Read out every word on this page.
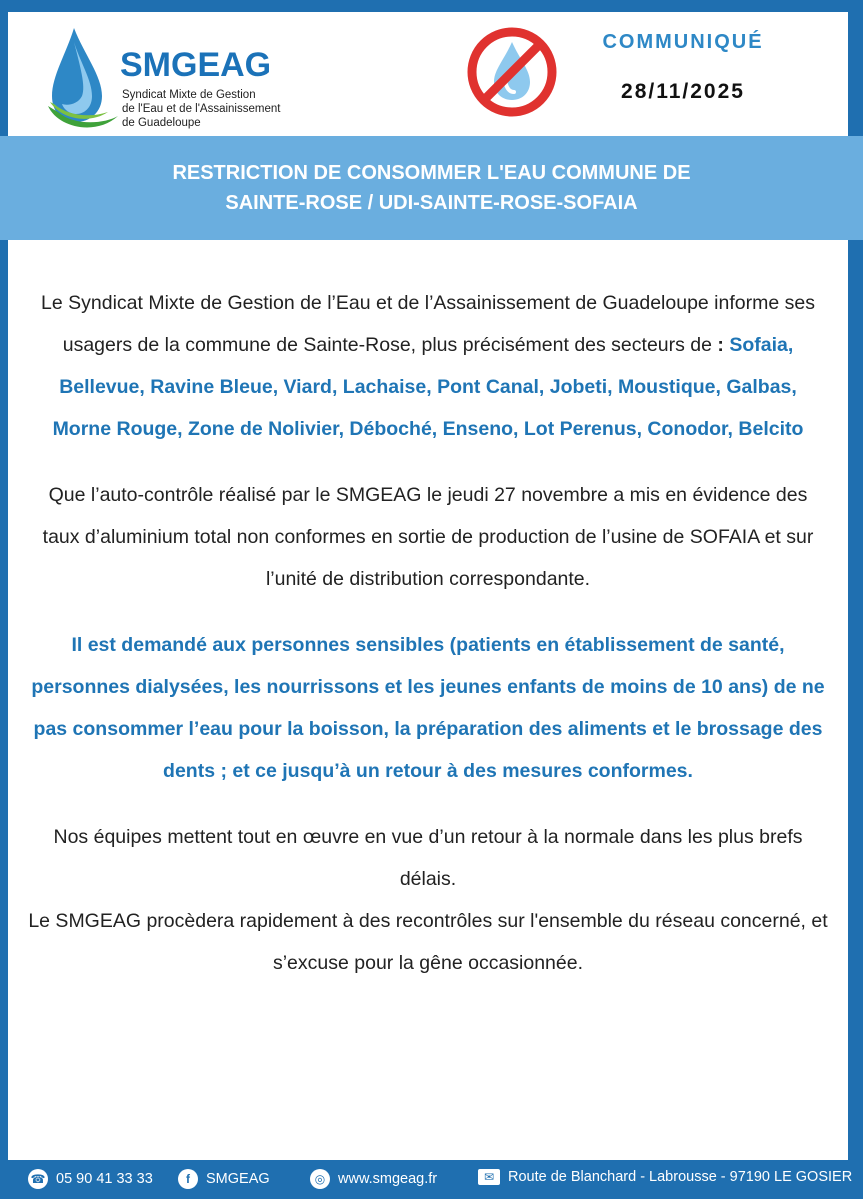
SMGEAG

Syndicat Mixte de Gestion
de l'Eau et de l'Assainissement
de Guadeloupe
COMMUNIQUÉ
28/11/2025
RESTRICTION DE CONSOMMER L'EAU COMMUNE DE
SAINTE-ROSE / UDI-SAINTE-ROSE-SOFAIA

Le Syndicat Mixte de Gestion de l’Eau et de l’Assainissement de Guadeloupe informe ses usagers de la commune de Sainte-Rose, plus précisément des secteurs de : Sofaia, Bellevue, Ravine Bleue, Viard, Lachaise, Pont Canal, Jobeti, Moustique, Galbas, Morne Rouge, Zone de Nolivier, Déboché, Enseno, Lot Perenus, Conodor, Belcito

Que l’auto-contrôle réalisé par le SMGEAG le jeudi 27 novembre a mis en évidence des taux d’aluminium total non conformes en sortie de production de l’usine de SOFAIA et sur l’unité de distribution correspondante.

Il est demandé aux personnes sensibles (patients en établissement de santé, personnes dialysées, les nourrissons et les jeunes enfants de moins de 10 ans) de ne pas consommer l’eau pour la boisson, la préparation des aliments et le brossage des dents ; et ce jusqu’à un retour à des mesures conformes.

Nos équipes mettent tout en œuvre en vue d’un retour à la normale dans les plus brefs délais.

Le SMGEAG procèdera rapidement à des recontrôles sur l'ensemble du réseau concerné, et s’excuse pour la gêne occasionnée.

☎ 05 90 41 33 33	f	SMGEAG	◎ www.smgeag.fr	✉ Route de Blanchard - Labrousse - 97190 LE GOSIER
